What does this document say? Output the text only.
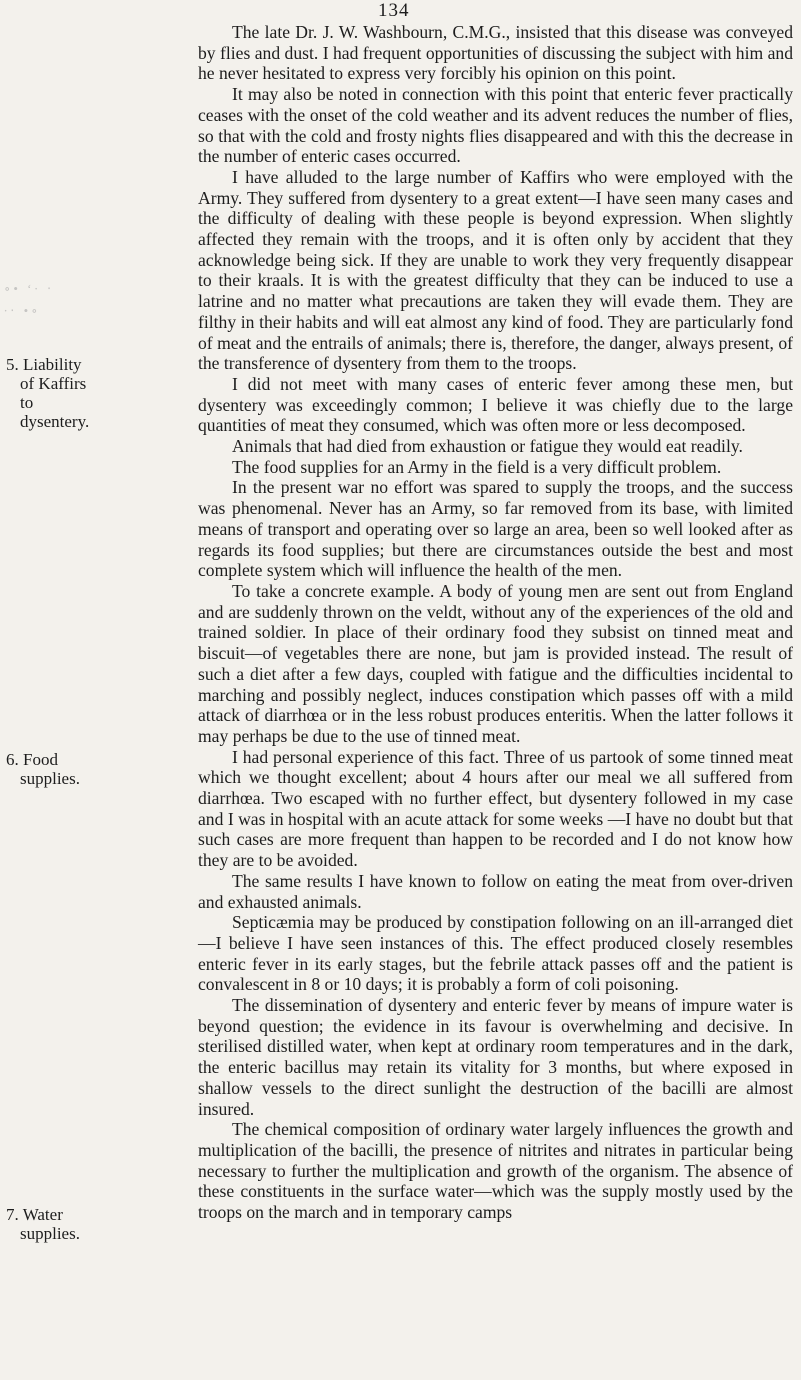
134
∘• ʻ∙ ‧
∙‧ •∘
5. Liability

of Kaffirs to
dysentery.
6. Food

supplies.
7. Water

supplies.

The late Dr. J. W. Washbourn, C.M.G., insisted that this disease was conveyed by flies and dust. I had frequent opportunities of discussing the subject with him and he never hesitated to express very forcibly his opinion on this point.

It may also be noted in connection with this point that enteric fever practically ceases with the onset of the cold weather and its advent reduces the number of flies, so that with the cold and frosty nights flies disappeared and with this the decrease in the number of enteric cases occurred.

I have alluded to the large number of Kaffirs who were employed with the Army. They suffered from dysentery to a great extent—I have seen many cases and the difficulty of dealing with these people is beyond expression. When slightly affected they remain with the troops, and it is often only by accident that they acknowledge being sick. If they are unable to work they very frequently disappear to their kraals. It is with the greatest difficulty that they can be induced to use a latrine and no matter what precautions are taken they will evade them. They are filthy in their habits and will eat almost any kind of food. They are particularly fond of meat and the entrails of animals; there is, therefore, the danger, always present, of the transference of dysentery from them to the troops.

I did not meet with many cases of enteric fever among these men, but dysentery was exceedingly common; I believe it was chiefly due to the large quantities of meat they consumed, which was often more or less decomposed.

Animals that had died from exhaustion or fatigue they would eat readily.

The food supplies for an Army in the field is a very difficult problem.

In the present war no effort was spared to supply the troops, and the success was phenomenal. Never has an Army, so far removed from its base, with limited means of transport and operating over so large an area, been so well looked after as regards its food supplies; but there are circumstances outside the best and most complete system which will influence the health of the men.

To take a concrete example. A body of young men are sent out from England and are suddenly thrown on the veldt, without any of the experiences of the old and trained soldier. In place of their ordinary food they subsist on tinned meat and biscuit—of vegetables there are none, but jam is provided instead. The result of such a diet after a few days, coupled with fatigue and the difficulties incidental to marching and possibly neglect, induces constipation which passes off with a mild attack of diarrhœa or in the less robust produces enteritis. When the latter follows it may perhaps be due to the use of tinned meat.

I had personal experience of this fact. Three of us partook of some tinned meat which we thought excellent; about 4 hours after our meal we all suffered from diarrhœa. Two escaped with no further effect, but dysentery followed in my case and I was in hospital with an acute attack for some weeks —I have no doubt but that such cases are more frequent than happen to be recorded and I do not know how they are to be avoided.

The same results I have known to follow on eating the meat from over-driven and exhausted animals.

Septicæmia may be produced by constipation following on an ill-arranged diet—I believe I have seen instances of this. The effect produced closely resembles enteric fever in its early stages, but the febrile attack passes off and the patient is convalescent in 8 or 10 days; it is probably a form of coli poisoning.

The dissemination of dysentery and enteric fever by means of impure water is beyond question; the evidence in its favour is overwhelming and decisive. In sterilised distilled water, when kept at ordinary room temperatures and in the dark, the enteric bacillus may retain its vitality for 3 months, but where exposed in shallow vessels to the direct sunlight the destruction of the bacilli are almost insured.

The chemical composition of ordinary water largely influences the growth and multiplication of the bacilli, the presence of nitrites and nitrates in particular being necessary to further the multiplication and growth of the organism. The absence of these constituents in the surface water—which was the supply mostly used by the troops on the march and in temporary camps
